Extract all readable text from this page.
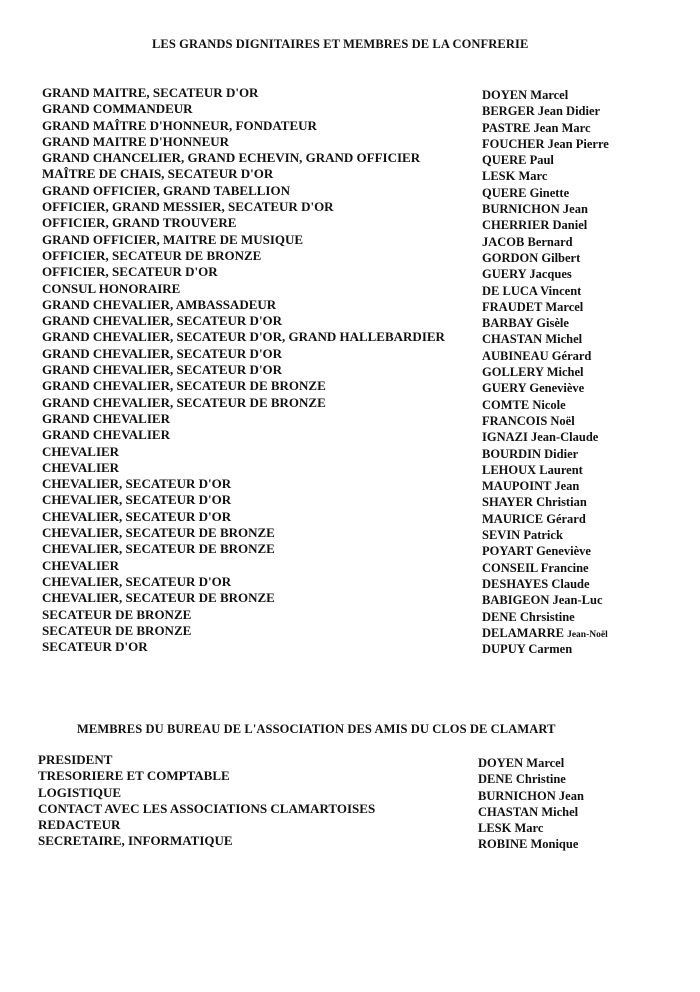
LES GRANDS DIGNITAIRES ET MEMBRES DE LA CONFRERIE
GRAND MAITRE, SECATEUR D'OR
GRAND COMMANDEUR
GRAND MAÎTRE D'HONNEUR, FONDATEUR
GRAND MAITRE D'HONNEUR
GRAND CHANCELIER, GRAND ECHEVIN, GRAND OFFICIER
MAÎTRE DE CHAIS, SECATEUR D'OR
GRAND OFFICIER, GRAND TABELLION
OFFICIER, GRAND MESSIER, SECATEUR D'OR
OFFICIER, GRAND TROUVERE
GRAND OFFICIER, MAITRE DE MUSIQUE
OFFICIER, SECATEUR DE BRONZE
OFFICIER, SECATEUR D'OR
CONSUL HONORAIRE
GRAND CHEVALIER, AMBASSADEUR
GRAND CHEVALIER, SECATEUR D'OR
GRAND CHEVALIER, SECATEUR D'OR, GRAND HALLEBARDIER
GRAND CHEVALIER, SECATEUR D'OR
GRAND CHEVALIER, SECATEUR D'OR
GRAND CHEVALIER, SECATEUR DE BRONZE
GRAND CHEVALIER, SECATEUR DE BRONZE
GRAND CHEVALIER
GRAND CHEVALIER
CHEVALIER
CHEVALIER
CHEVALIER, SECATEUR D'OR
CHEVALIER, SECATEUR D'OR
CHEVALIER, SECATEUR D'OR
CHEVALIER, SECATEUR DE BRONZE
CHEVALIER, SECATEUR DE BRONZE
CHEVALIER
CHEVALIER, SECATEUR D'OR
CHEVALIER, SECATEUR DE BRONZE
SECATEUR DE BRONZE
SECATEUR DE BRONZE
SECATEUR D'OR
DOYEN Marcel
BERGER Jean Didier
PASTRE Jean Marc
FOUCHER Jean Pierre
QUERE Paul
LESK Marc
QUERE Ginette
BURNICHON Jean
CHERRIER Daniel
JACOB Bernard
GORDON Gilbert
GUERY Jacques
DE LUCA Vincent
FRAUDET Marcel
BARBAY Gisèle
CHASTAN Michel
AUBINEAU Gérard
GOLLERY Michel
GUERY Geneviève
COMTE Nicole
FRANCOIS Noël
IGNAZI Jean-Claude
BOURDIN Didier
LEHOUX Laurent
MAUPOINT Jean
SHAYER Christian
MAURICE Gérard
SEVIN Patrick
POYART Geneviève
CONSEIL Francine
DESHAYES Claude
BABIGEON Jean-Luc
DENE Chrsistine
DELAMARRE Jean-Noël
DUPUY Carmen
MEMBRES DU BUREAU DE L'ASSOCIATION DES AMIS DU CLOS DE CLAMART
PRESIDENT
TRESORIERE ET COMPTABLE
LOGISTIQUE
CONTACT AVEC LES ASSOCIATIONS CLAMARTOISES
REDACTEUR
SECRETAIRE, INFORMATIQUE
DOYEN Marcel
DENE Christine
BURNICHON Jean
CHASTAN Michel
LESK Marc
ROBINE Monique
